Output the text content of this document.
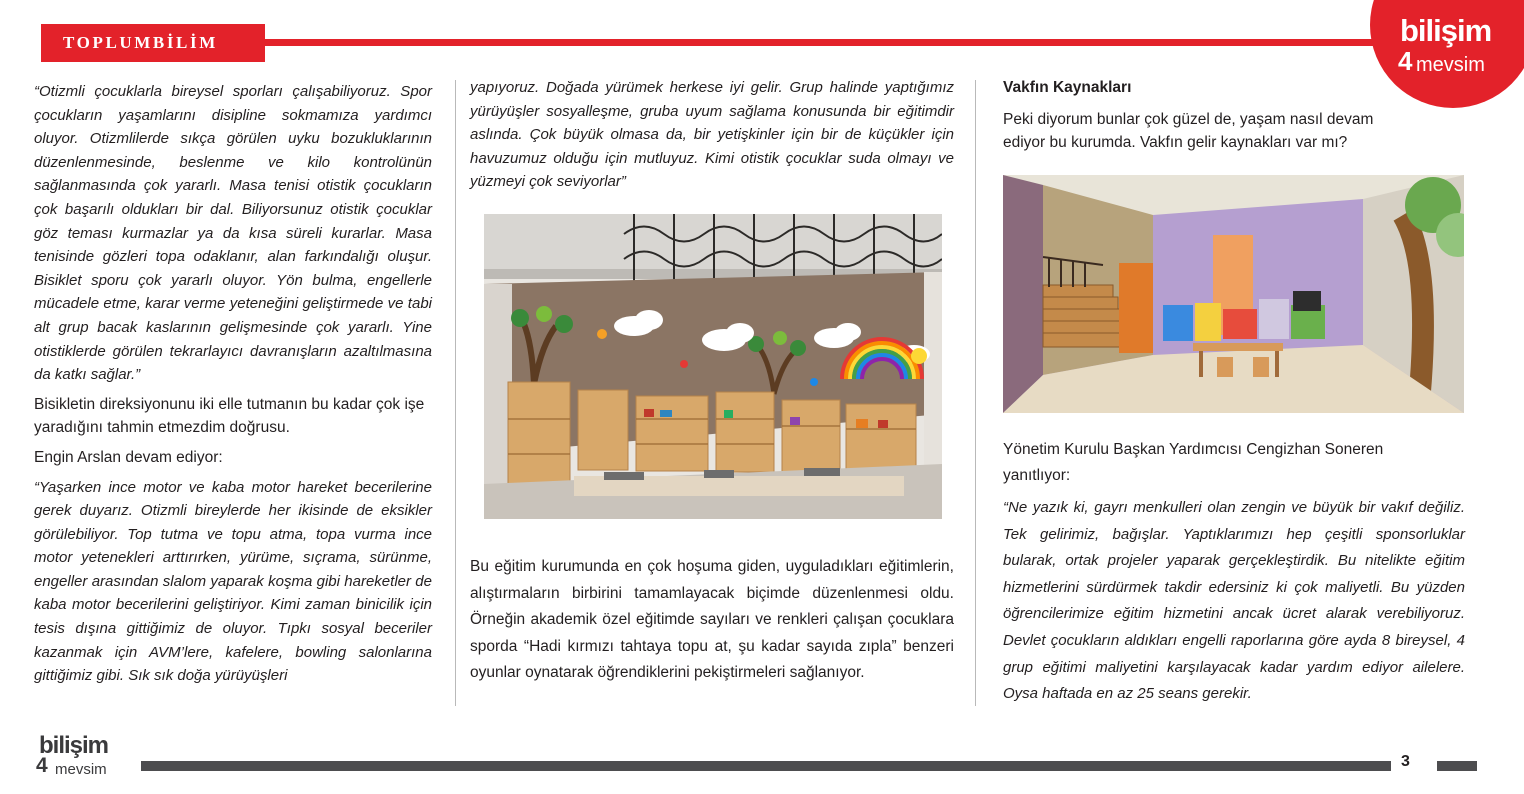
TOPLUMBİLİM	bilişim
4 mevsim

“Otizmli çocuklarla bireysel sporları çalışabiliyoruz. Spor çocukların yaşamlarını disipline sokmamıza yardımcı oluyor. Otizmlilerde sıkça görülen uyku bozukluklarının düzenlenmesinde, beslenme ve kilo kontrolünün sağlanmasında çok yararlı. Masa tenisi otistik çocukların çok başarılı oldukları bir dal. Biliyorsunuz otistik çocuklar göz teması kurmazlar ya da kısa süreli kurarlar. Masa tenisinde gözleri topa odaklanır, alan farkındalığı oluşur. Bisiklet sporu çok yararlı oluyor. Yön bulma, engellerle mücadele etme, karar verme yeteneğini geliştirmede ve tabi alt grup bacak kaslarının gelişmesinde çok yararlı. Yine otistiklerde görülen tekrarlayıcı davranışların azaltılmasına da katkı sağlar.”

Bisikletin direksiyonunu iki elle tutmanın bu kadar çok işe yaradığını tahmin etmezdim doğrusu.

Engin Arslan devam ediyor:

“Yaşarken ince motor ve kaba motor hareket becerilerine gerek duyarız. Otizmli bireylerde her ikisinde de eksikler görülebiliyor. Top tutma ve topu atma, topa vurma ince motor yetenekleri arttırırken, yürüme, sıçrama, sürünme, engeller arasından slalom yaparak koşma gibi hareketler de kaba motor becerilerini geliştiriyor. Kimi zaman binicilik için tesis dışına gittiğimiz de oluyor. Tıpkı sosyal beceriler kazanmak için AVM’lere, kafelere, bowling salonlarına gittiğimiz gibi. Sık sık doğa yürüyüşleri

yapıyoruz. Doğada yürümek herkese iyi gelir. Grup halinde yaptığımız yürüyüşler sosyalleşme, gruba uyum sağlama konusunda bir eğitimdir aslında. Çok büyük olmasa da, bir yetişkinler için bir de küçükler için havuzumuz olduğu için mutluyuz. Kimi otistik çocuklar suda olmayı ve yüzmeyi çok seviyorlar”

Bu eğitim kurumunda en çok hoşuma giden, uyguladıkları eğitimlerin, alıştırmaların birbirini tamamlayacak biçimde düzenlenmesi oldu. Örneğin akademik özel eğitimde sayıları ve renkleri çalışan çocuklara sporda “Hadi kırmızı tahtaya topu at, şu kadar sayıda zıpla” benzeri oyunlar oynatarak öğrendiklerini pekiştirmeleri sağlanıyor.

Vakfın Kaynakları

Peki diyorum bunlar çok güzel de, yaşam nasıl devam ediyor bu kurumda. Vakfın gelir kaynakları var mı?

Yönetim Kurulu Başkan Yardımcısı Cengizhan Soneren yanıtlıyor:

“Ne yazık ki, gayrı menkulleri olan zengin ve büyük bir vakıf değiliz. Tek gelirimiz, bağışlar. Yaptıklarımızı hep çeşitli sponsorluklar bularak, ortak projeler yaparak gerçekleştirdik. Bu nitelikte eğitim hizmetlerini sürdürmek takdir edersiniz ki çok maliyetli. Bu yüzden öğrencilerimize eğitim hizmetini ancak ücret alarak verebiliyoruz. Devlet çocukların aldıkları engelli raporlarına göre ayda 8 bireysel, 4 grup eğitimi maliyetini karşılayacak kadar yardım ediyor ailelere. Oysa haftada en az 25 seans gerekir.

bilişim
4 mevsim	3
